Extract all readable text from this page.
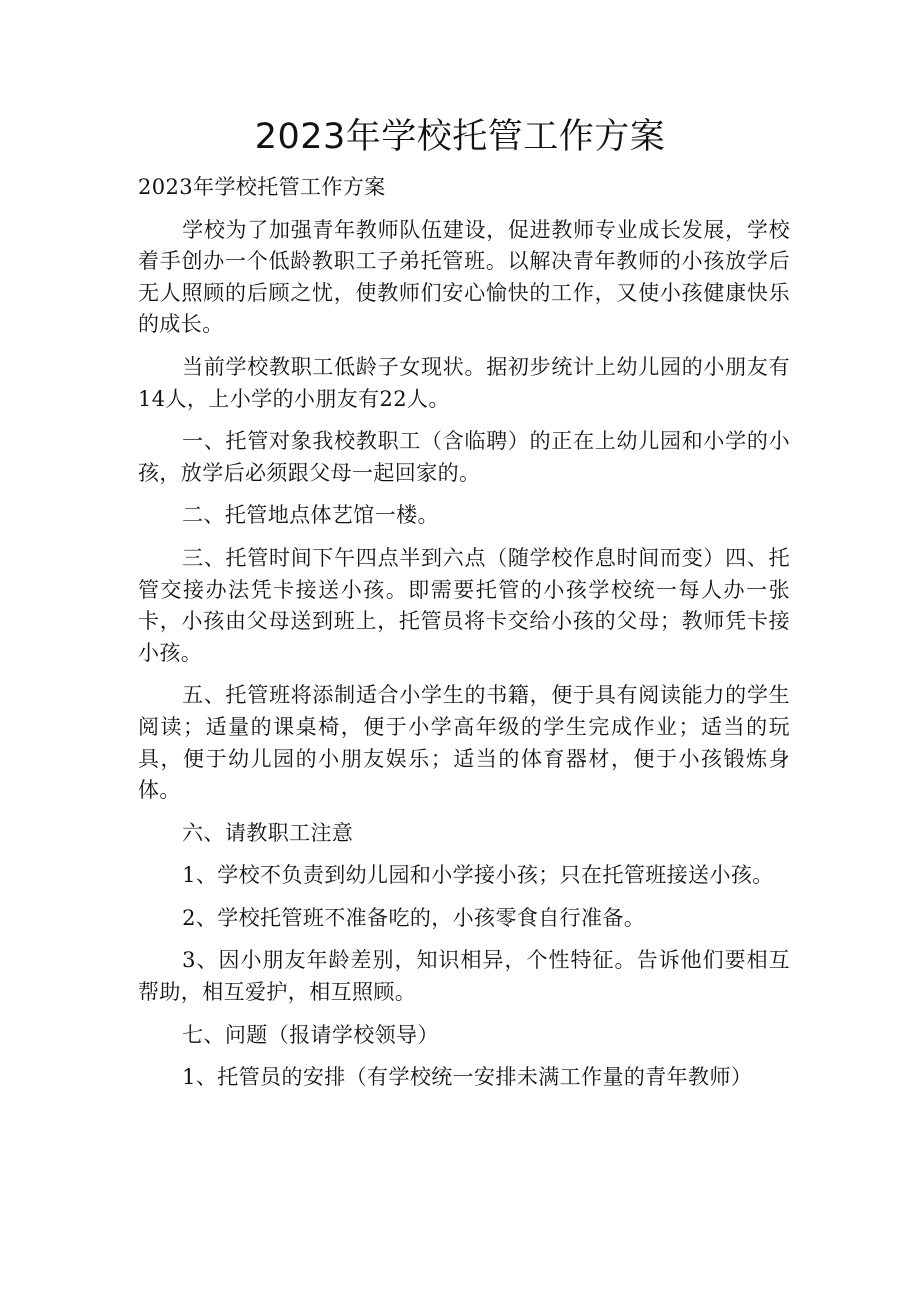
2023年学校托管工作方案

2023年学校托管工作方案

学校为了加强青年教师队伍建设，促进教师专业成长发展，学校着手创办一个低龄教职工子弟托管班。以解决青年教师的小孩放学后无人照顾的后顾之忧，使教师们安心愉快的工作，又使小孩健康快乐的成长。

当前学校教职工低龄子女现状。据初步统计上幼儿园的小朋友有14人，上小学的小朋友有22人。

一、托管对象我校教职工（含临聘）的正在上幼儿园和小学的小孩，放学后必须跟父母一起回家的。

二、托管地点体艺馆一楼。

三、托管时间下午四点半到六点（随学校作息时间而变）四、托管交接办法凭卡接送小孩。即需要托管的小孩学校统一每人办一张卡，小孩由父母送到班上，托管员将卡交给小孩的父母；教师凭卡接小孩。

五、托管班将添制适合小学生的书籍，便于具有阅读能力的学生阅读；适量的课桌椅，便于小学高年级的学生完成作业；适当的玩具，便于幼儿园的小朋友娱乐；适当的体育器材，便于小孩锻炼身体。

六、请教职工注意

1、学校不负责到幼儿园和小学接小孩；只在托管班接送小孩。

2、学校托管班不准备吃的，小孩零食自行准备。

3、因小朋友年龄差别，知识相异，个性特征。告诉他们要相互帮助，相互爱护，相互照顾。

七、问题（报请学校领导）

1、托管员的安排（有学校统一安排未满工作量的青年教师）
